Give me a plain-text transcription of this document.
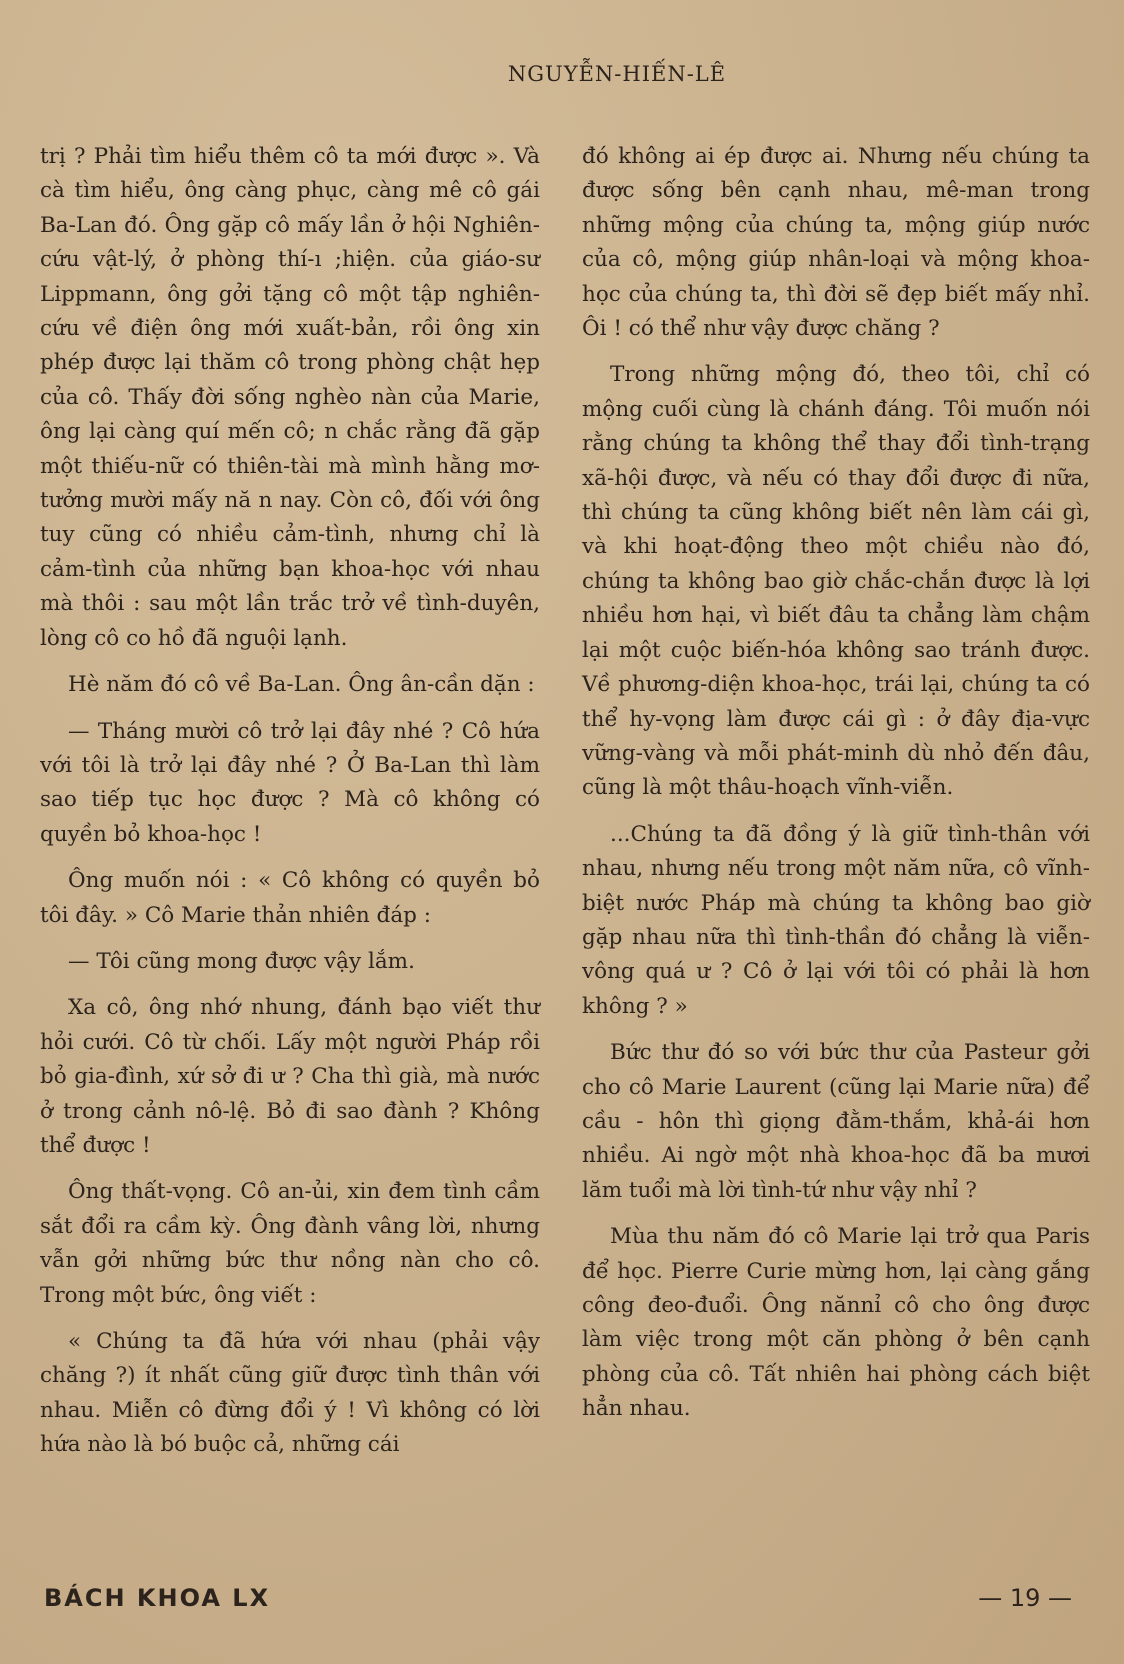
NGUYỄN-HIẾN-LÊ

trị ? Phải tìm hiểu thêm cô ta mới được ». Và cà tìm hiểu, ông càng phục, càng mê cô gái Ba-Lan đó. Ông gặp cô mấy lần ở hội Nghiên-cứu vật-lý, ở phòng thí-ı ;hiện. của giáo-sư Lippmann, ông gởi tặng cô một tập nghiên-cứu về điện ông mới xuất-bản, rồi ông xin phép được lại thăm cô trong phòng chật hẹp của cô. Thấy đời sống nghèo nàn của Marie, ông lại càng quí mến cô; n chắc rằng đã gặp một thiếu-nữ có thiên-tài mà mình hằng mơ-tưởng mười mấy nă n nay. Còn cô, đối với ông tuy cũng có nhiều cảm-tình, nhưng chỉ là cảm-tình của những bạn khoa-học với nhau mà thôi : sau một lần trắc trở về tình-duyên, lòng cô co hồ đã nguội lạnh.

Hè năm đó cô về Ba-Lan. Ông ân-cần dặn :

— Tháng mười cô trở lại đây nhé ? Cô hứa với tôi là trở lại đây nhé ? Ở Ba-Lan thì làm sao tiếp tục học được ? Mà cô không có quyền bỏ khoa-học !

Ông muốn nói : « Cô không có quyền bỏ tôi đây. » Cô Marie thản nhiên đáp :

— Tôi cũng mong được vậy lắm.

Xa cô, ông nhớ nhung, đánh bạo viết thư hỏi cưới. Cô từ chối. Lấy một người Pháp rồi bỏ gia-đình, xứ sở đi ư ? Cha thì già, mà nước ở trong cảnh nô-lệ. Bỏ đi sao đành ? Không thể được !

Ông thất-vọng. Cô an-ủi, xin đem tình cầm sắt đổi ra cầm kỳ. Ông đành vâng lời, nhưng vẫn gởi những bức thư nồng nàn cho cô. Trong một bức, ông viết :

« Chúng ta đã hứa với nhau (phải vậy chăng ?) ít nhất cũng giữ được tình thân với nhau. Miễn cô đừng đổi ý ! Vì không có lời hứa nào là bó buộc cả, những cái

đó không ai ép được ai. Nhưng nếu chúng ta được sống bên cạnh nhau, mê-man trong những mộng của chúng ta, mộng giúp nước của cô, mộng giúp nhân-loại và mộng khoa-học của chúng ta, thì đời sẽ đẹp biết mấy nhỉ. Ôi ! có thể như vậy được chăng ?

Trong những mộng đó, theo tôi, chỉ có mộng cuối cùng là chánh đáng. Tôi muốn nói rằng chúng ta không thể thay đổi tình-trạng xã-hội được, và nếu có thay đổi được đi nữa, thì chúng ta cũng không biết nên làm cái gì, và khi hoạt-động theo một chiều nào đó, chúng ta không bao giờ chắc-chắn được là lợi nhiều hơn hại, vì biết đâu ta chẳng làm chậm lại một cuộc biến-hóa không sao tránh được. Về phương-diện khoa-học, trái lại, chúng ta có thể hy-vọng làm được cái gì : ở đây địa-vực vững-vàng và mỗi phát-minh dù nhỏ đến đâu, cũng là một thâu-hoạch vĩnh-viễn.

...Chúng ta đã đồng ý là giữ tình-thân với nhau, nhưng nếu trong một năm nữa, cô vĩnh-biệt nước Pháp mà chúng ta không bao giờ gặp nhau nữa thì tình-thần đó chẳng là viễn-vông quá ư ? Cô ở lại với tôi có phải là hơn không ? »

Bức thư đó so với bức thư của Pasteur gởi cho cô Marie Laurent (cũng lại Marie nữa) để cầu - hôn thì giọng đằm-thắm, khả-ái hơn nhiều. Ai ngờ một nhà khoa-học đã ba mươi lăm tuổi mà lời tình-tứ như vậy nhỉ ?

Mùa thu năm đó cô Marie lại trở qua Paris để học. Pierre Curie mừng hơn, lại càng gắng công đeo-đuổi. Ông nănnỉ cô cho ông được làm việc trong một căn phòng ở bên cạnh phòng của cô. Tất nhiên hai phòng cách biệt hẳn nhau.

BÁCH KHOA LX	— 19 —
